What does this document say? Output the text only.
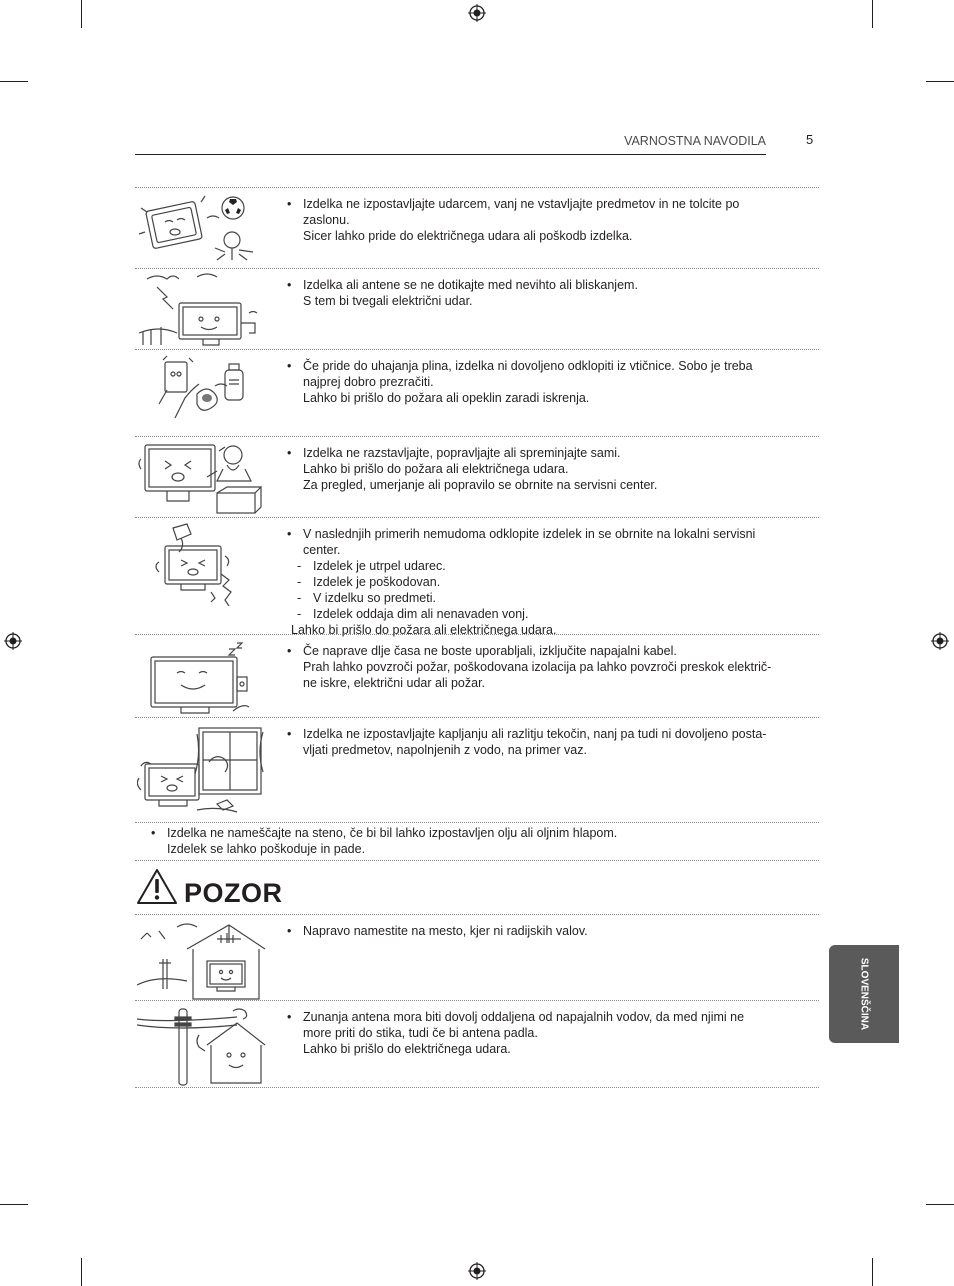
VARNOSTNA NAVODILA	5
• Izdelka ne izpostavljajte udarcem, vanj ne vstavljajte predmetov in ne tolcite po
zaslonu.
Sicer lahko pride do električnega udara ali poškodb izdelka.
• Izdelka ali antene se ne dotikajte med nevihto ali bliskanjem.
S tem bi tvegali električni udar.
• Če pride do uhajanja plina, izdelka ni dovoljeno odklopiti iz vtičnice. Sobo je treba
najprej dobro prezračiti.
Lahko bi prišlo do požara ali opeklin zaradi iskrenja.
• Izdelka ne razstavljajte, popravljajte ali spreminjajte sami.
Lahko bi prišlo do požara ali električnega udara.
Za pregled, umerjanje ali popravilo se obrnite na servisni center.
• V naslednjih primerih nemudoma odklopite izdelek in se obrnite na lokalni servisni
center.
- Izdelek je utrpel udarec.
- Izdelek je poškodovan.
- V izdelku so predmeti.
- Izdelek oddaja dim ali nenavaden vonj.
Lahko bi prišlo do požara ali električnega udara.
• Če naprave dlje časa ne boste uporabljali, izključite napajalni kabel.
Prah lahko povzroči požar, poškodovana izolacija pa lahko povzroči preskok električ-
ne iskre, električni udar ali požar.
• Izdelka ne izpostavljajte kapljanju ali razlitju tekočin, nanj pa tudi ni dovoljeno posta-
vljati predmetov, napolnjenih z vodo, na primer vaz.
• Izdelka ne nameščajte na steno, če bi bil lahko izpostavljen olju ali oljnim hlapom.
Izdelek se lahko poškoduje in pade.
POZOR
• Napravo namestite na mesto, kjer ni radijskih valov.
• Zunanja antena mora biti dovolj oddaljena od napajalnih vodov, da med njimi ne
more priti do stika, tudi če bi antena padla.
Lahko bi prišlo do električnega udara.
SLOVENŠČINA
